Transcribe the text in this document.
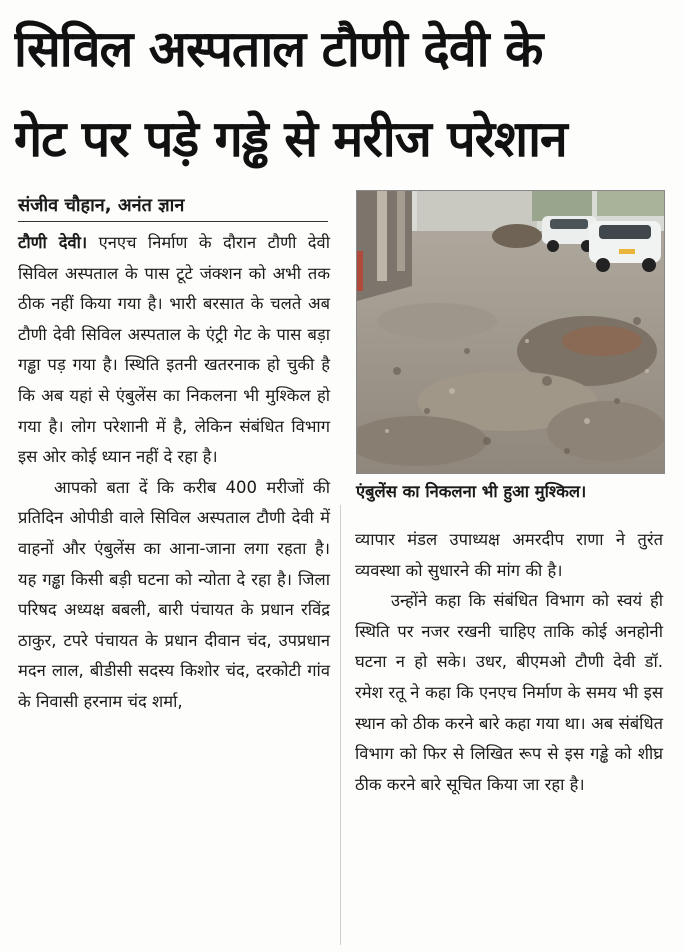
सिविल अस्पताल टौणी देवी के
गेट पर पड़े गड्ढे से मरीज परेशान
संजीव चौहान, अनंत ज्ञान

टौणी देवी। एनएच निर्माण के दौरान टौणी देवी सिविल अस्पताल के पास टूटे जंक्शन को अभी तक ठीक नहीं किया गया है। भारी बरसात के चलते अब टौणी देवी सिविल अस्पताल के एंट्री गेट के पास बड़ा गड्ढा पड़ गया है। स्थिति इतनी खतरनाक हो चुकी है कि अब यहां से एंबुलेंस का निकलना भी मुश्किल हो गया है। लोग परेशानी में है, लेकिन संबंधित विभाग इस ओर कोई ध्यान नहीं दे रहा है।

आपको बता दें कि करीब 400 मरीजों की प्रतिदिन ओपीडी वाले सिविल अस्पताल टौणी देवी में वाहनों और एंबुलेंस का आना-जाना लगा रहता है। यह गड्ढा किसी बड़ी घटना को न्योता दे रहा है। जिला परिषद अध्यक्ष बबली, बारी पंचायत के प्रधान रविंद्र ठाकुर, टपरे पंचायत के प्रधान दीवान चंद, उपप्रधान मदन लाल, बीडीसी सदस्य किशोर चंद, दरकोटी गांव के निवासी हरनाम चंद शर्मा,

एंबुलेंस का निकलना भी हुआ मुश्किल।

व्यापार मंडल उपाध्यक्ष अमरदीप राणा ने तुरंत व्यवस्था को सुधारने की मांग की है।

उन्होंने कहा कि संबंधित विभाग को स्वयं ही स्थिति पर नजर रखनी चाहिए ताकि कोई अनहोनी घटना न हो सके। उधर, बीएमओ टौणी देवी डॉ. रमेश रतू ने कहा कि एनएच निर्माण के समय भी इस स्थान को ठीक करने बारे कहा गया था। अब संबंधित विभाग को फिर से लिखित रूप से इस गड्ढे को शीघ्र ठीक करने बारे सूचित किया जा रहा है।
